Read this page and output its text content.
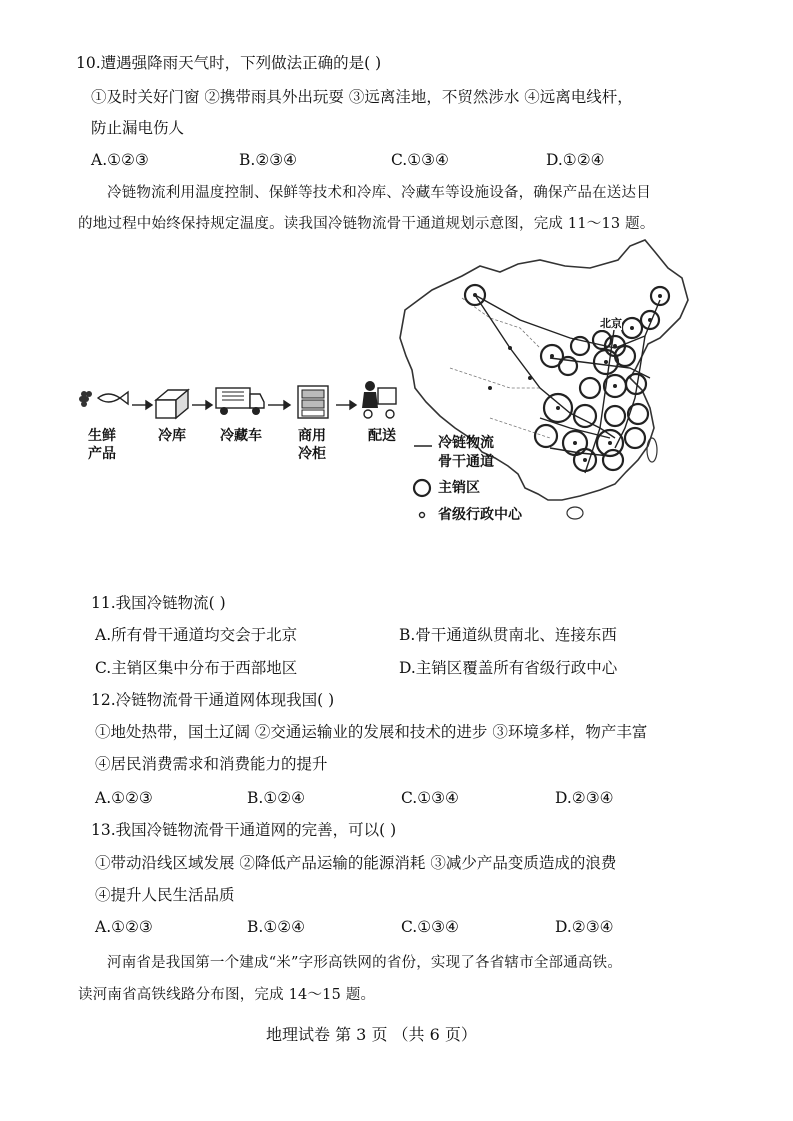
10.遭遇强降雨天气时，下列做法正确的是( )
①及时关好门窗 ②携带雨具外出玩耍 ③远离洼地，不贸然涉水 ④远离电线杆，
防止漏电伤人
A.①②③	B.②③④	C.①③④	D.①②④
冷链物流利用温度控制、保鲜等技术和冷库、冷藏车等设施设备，确保产品在送达目
的地过程中始终保持规定温度。读我国冷链物流骨干通道规划示意图，完成 11～13 题。
北京
生鲜
产品
冷库	冷藏车	商用
冷柜
配送	冷链物流
骨干通道
主销区
省级行政中心
11.我国冷链物流( )
A.所有骨干通道均交会于北京	B.骨干通道纵贯南北、连接东西
C.主销区集中分布于西部地区	D.主销区覆盖所有省级行政中心
12.冷链物流骨干通道网体现我国( )
①地处热带，国土辽阔 ②交通运输业的发展和技术的进步 ③环境多样，物产丰富
④居民消费需求和消费能力的提升
A.①②③	B.①②④	C.①③④	D.②③④
13.我国冷链物流骨干通道网的完善，可以( )
①带动沿线区域发展 ②降低产品运输的能源消耗 ③减少产品变质造成的浪费
④提升人民生活品质
A.①②③	B.①②④	C.①③④	D.②③④
河南省是我国第一个建成“米”字形高铁网的省份，实现了各省辖市全部通高铁。
读河南省高铁线路分布图，完成 14～15 题。
地理试卷 第 3 页 （共 6 页）
